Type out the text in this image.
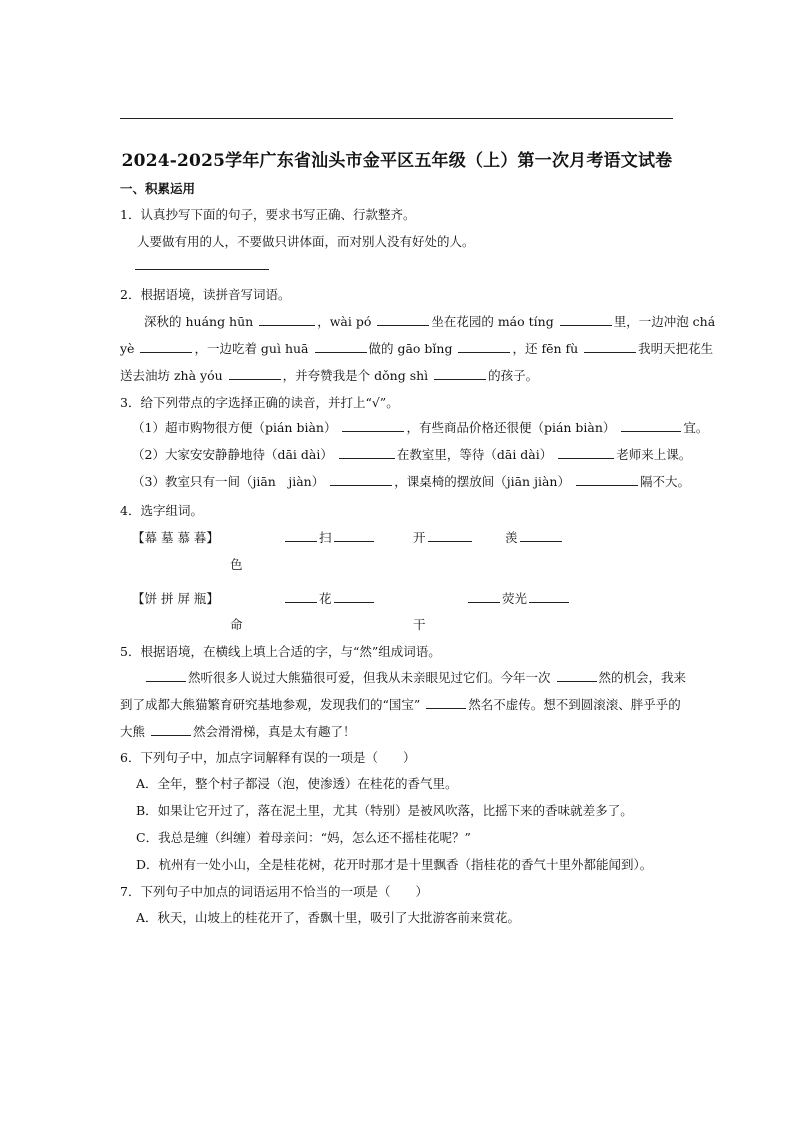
2024-2025学年广东省汕头市金平区五年级（上）第一次月考语文试卷
一、积累运用
1．认真抄写下面的句子，要求书写正确、行款整齐。
人要做有用的人，不要做只讲体面，而对别人没有好处的人。
2．根据语境，读拼音写词语。
深秋的 huáng hūn	，wài pó	坐在花园的 máo tíng	里，一边冲泡 chá
yè	，一边吃着 guì huā	做的 gāo bǐng	，还 fēn fù	我明天把花生
送去油坊 zhà yóu	，并夸赞我是个 dǒng shì	的孩子。
3．给下列带点的字选择正确的读音，并打上“√”。
（1）超市购物很方便（pián biàn）	，有些商品价格还很便（pián biàn）	宜。
（2）大家安安静静地待（dāi dài）	在教室里，等待（dāi dài）	老师来上课。
（3）教室只有一间（jiān　jiàn）	，课桌椅的摆放间（jiān jiàn）	隔不大。
4．选字组词。
【幕 墓 慕 暮】	扫	开	羡
色
【饼 拼 屏 瓶】	花	荧光
命	干
5．根据语境，在横线上填上合适的字，与“然”组成词语。
然听很多人说过大熊猫很可爱，但我从未亲眼见过它们。今年一次	然的机会，我来
到了成都大熊猫繁育研究基地参观，发现我们的“国宝”	然名不虚传。想不到圆滚滚、胖乎乎的
大熊	然会滑滑梯，真是太有趣了！
6．下列句子中，加点字词解释有误的一项是（　　）
A．全年，整个村子都浸（泡，使渗透）在桂花的香气里。
B．如果让它开过了，落在泥土里，尤其（特别）是被风吹落，比摇下来的香味就差多了。
C．我总是缠（纠缠）着母亲问：“妈，怎么还不摇桂花呢？”
D．杭州有一处小山，全是桂花树，花开时那才是十里飘香（指桂花的香气十里外都能闻到）。
7．下列句子中加点的词语运用不恰当的一项是（　　）
A．秋天，山坡上的桂花开了，香飘十里，吸引了大批游客前来赏花。
